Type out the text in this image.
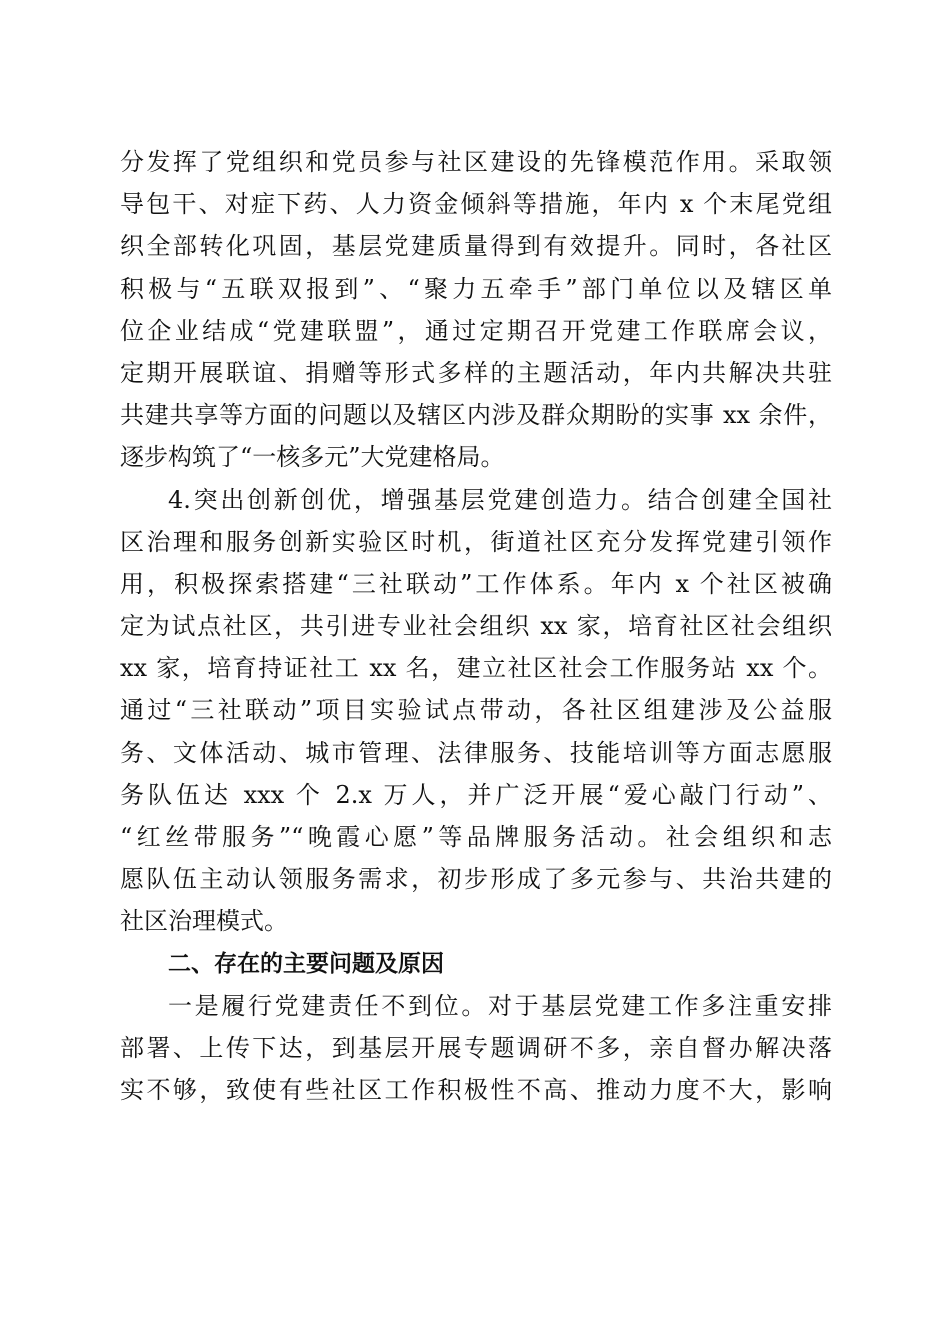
分发挥了党组织和党员参与社区建设的先锋模范作用。采取领
导包干、对症下药、人力资金倾斜等措施，年内 x 个末尾党组
织全部转化巩固，基层党建质量得到有效提升。同时，各社区
积极与“五联双报到”、“聚力五牵手”部门单位以及辖区单
位企业结成“党建联盟”，通过定期召开党建工作联席会议，
定期开展联谊、捐赠等形式多样的主题活动，年内共解决共驻
共建共享等方面的问题以及辖区内涉及群众期盼的实事 xx 余件，
逐步构筑了“一核多元”大党建格局。
4.突出创新创优，增强基层党建创造力。结合创建全国社
区治理和服务创新实验区时机，街道社区充分发挥党建引领作
用，积极探索搭建“三社联动”工作体系。年内 x 个社区被确
定为试点社区，共引进专业社会组织 xx 家，培育社区社会组织
xx 家，培育持证社工 xx 名，建立社区社会工作服务站 xx 个。
通过“三社联动”项目实验试点带动，各社区组建涉及公益服
务、文体活动、城市管理、法律服务、技能培训等方面志愿服
务队伍达 xxx 个 2.x 万人，并广泛开展“爱心敲门行动”、
“红丝带服务”“晚霞心愿”等品牌服务活动。社会组织和志
愿队伍主动认领服务需求，初步形成了多元参与、共治共建的
社区治理模式。
二、存在的主要问题及原因
一是履行党建责任不到位。对于基层党建工作多注重安排
部署、上传下达，到基层开展专题调研不多，亲自督办解决落
实不够，致使有些社区工作积极性不高、推动力度不大，影响
